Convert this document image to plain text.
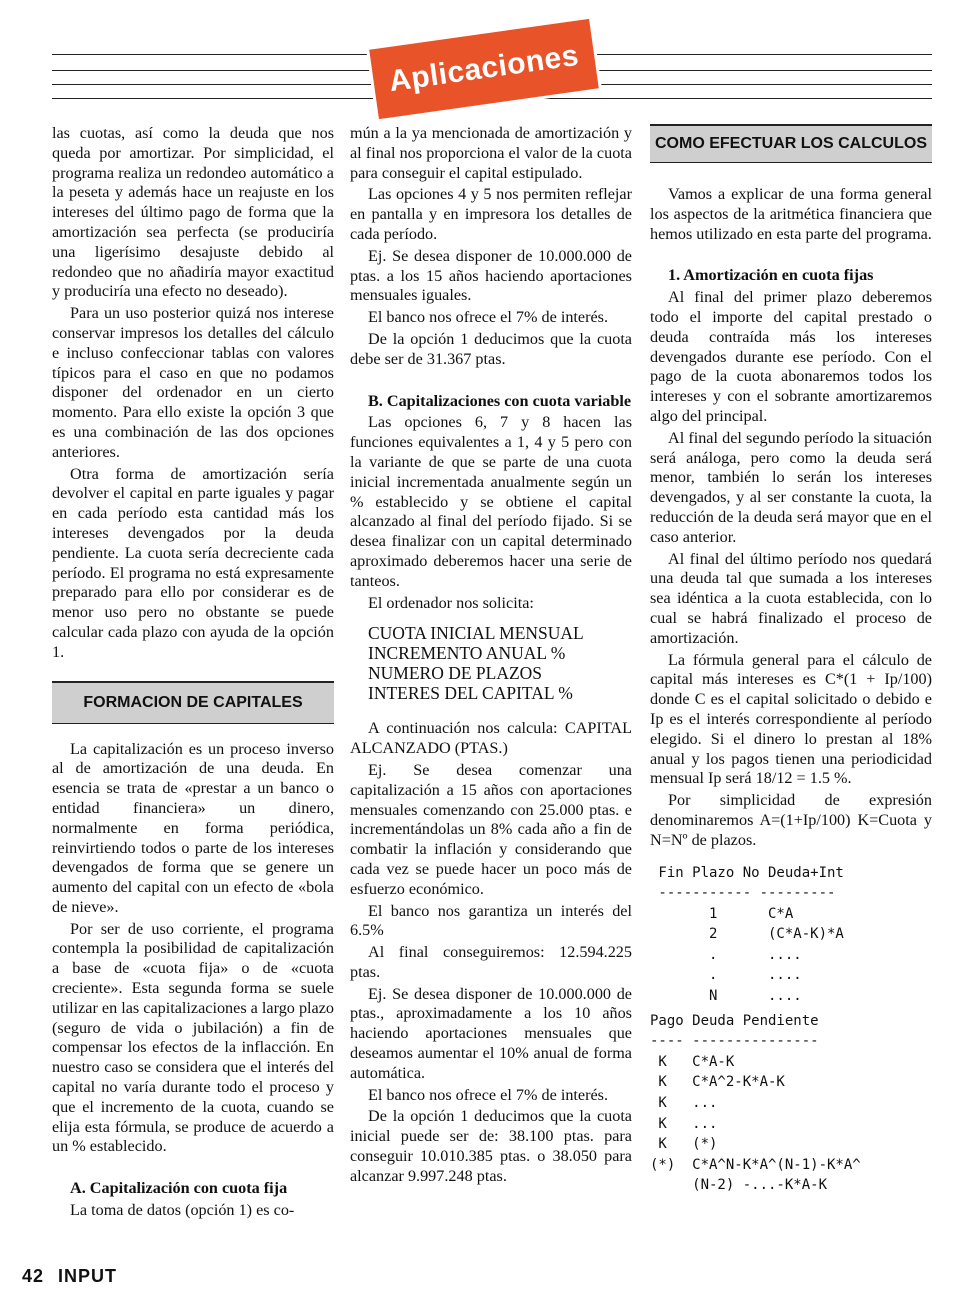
Aplicaciones

las cuotas, así como la deuda que nos queda por amortizar. Por simplicidad, el programa realiza un redondeo automático a la peseta y además hace un reajuste en los intereses del último pago de forma que la amortización sea perfecta (se produciría una ligerísimo desajuste debido al redondeo que no añadiría mayor exactitud y produciría una efecto no deseado).

Para un uso posterior quizá nos interese conservar impresos los detalles del cálculo e incluso confeccionar tablas con valores típicos para el caso en que no podamos disponer del ordenador en un cierto momento. Para ello existe la opción 3 que es una combinación de las dos opciones anteriores.

Otra forma de amortización sería devolver el capital en parte iguales y pagar en cada período esta cantidad más los intereses devengados por la deuda pendiente. La cuota sería decreciente cada período. El programa no está expresamente preparado para ello por considerar es de menor uso pero no obstante se puede calcular cada plazo con ayuda de la opción 1.

FORMACION DE CAPITALES

La capitalización es un proceso inverso al de amortización de una deuda. En esencia se trata de «prestar a un banco o entidad financiera» un dinero, normalmente en forma periódica, reinvirtiendo todos o parte de los intereses devengados de forma que se genere un aumento del capital con un efecto de «bola de nieve».

Por ser de uso corriente, el programa contempla la posibilidad de capitalización a base de «cuota fija» o de «cuota creciente». Esta segunda forma se suele utilizar en las capitalizaciones a largo plazo (seguro de vida o jubilación) a fin de compensar los efectos de la inflacción. En nuestro caso se considera que el interés del capital no varía durante todo el proceso y que el incremento de la cuota, cuando se elija esta fórmula, se produce de acuerdo a un % establecido.

A. Capitalización con cuota fija

La toma de datos (opción 1) es co-

mún a la ya mencionada de amortización y al final nos proporciona el valor de la cuota para conseguir el capital estipulado.

Las opciones 4 y 5 nos permiten reflejar en pantalla y en impresora los detalles de cada período.

Ej. Se desea disponer de 10.000.000 de ptas. a los 15 años haciendo aportaciones mensuales iguales.

El banco nos ofrece el 7% de interés.

De la opción 1 deducimos que la cuota debe ser de 31.367 ptas.

B. Capitalizaciones con cuota variable

Las opciones 6, 7 y 8 hacen las funciones equivalentes a 1, 4 y 5 pero con la variante de que se parte de una cuota inicial incrementada anualmente según un % establecido y se obtiene el capital alcanzado al final del período fijado. Si se desea finalizar con un capital determinado aproximado deberemos hacer una serie de tanteos.

El ordenador nos solicita:

CUOTA INICIAL MENSUAL
INCREMENTO ANUAL %
NUMERO DE PLAZOS
INTERES DEL CAPITAL %

A continuación nos calcula: CAPITAL ALCANZADO (PTAS.)

Ej. Se desea comenzar una capitalización a 15 años con aportaciones mensuales comenzando con 25.000 ptas. e incrementándolas un 8% cada año a fin de combatir la inflación y considerando que cada vez se puede hacer un poco más de esfuerzo económico.

El banco nos garantiza un interés del 6.5%

Al final conseguiremos: 12.594.225 ptas.

Ej. Se desea disponer de 10.000.000 de ptas., aproximadamente a los 10 años haciendo aportaciones mensuales que deseamos aumentar el 10% anual de forma automática.

El banco nos ofrece el 7% de interés.

De la opción 1 deducimos que la cuota inicial puede ser de: 38.100 ptas. para conseguir 10.010.385 ptas. o 38.050 para alcanzar 9.997.248 ptas.

COMO EFECTUAR LOS CALCULOS

Vamos a explicar de una forma general los aspectos de la aritmética financiera que hemos utilizado en esta parte del programa.

1. Amortización en cuota fijas

Al final del primer plazo deberemos todo el importe del capital prestado o deuda contraída más los intereses devengados durante ese período. Con el pago de la cuota abonaremos todos los intereses y con el sobrante amortizaremos algo del principal.

Al final del segundo período la situación será análoga, pero como la deuda será menor, también lo serán los intereses devengados, y al ser constante la cuota, la reducción de la deuda será mayor que en el caso anterior.

Al final del último período nos quedará una deuda tal que sumada a los intereses sea idéntica a la cuota establecida, con lo cual se habrá finalizado el proceso de amortización.

La fórmula general para el cálculo de capital más intereses es C*(1 + Ip/100) donde C es el capital solicitado o debido e Ip es el interés correspondiente al período elegido. Si el dinero lo prestan al 18% anual y los pagos tienen una periodicidad mensual Ip será 18/12 = 1.5 %.

Por simplicidad de expresión denominaremos A=(1+Ip/100) K=Cuota y N=Nº de plazos.

Fin Plazo No Deuda+Int
----------- ---------
1      C*A
2      (C*A-K)*A
.      ....
.      ....
N      ....
Pago Deuda Pendiente
---- ---------------
K   C*A-K
K   C*A^2-K*A-K
K   ...
K   ...
K   (*)
(*)  C*A^N-K*A^(N-1)-K*A^
(N-2) -...-K*A-K
42 INPUT
